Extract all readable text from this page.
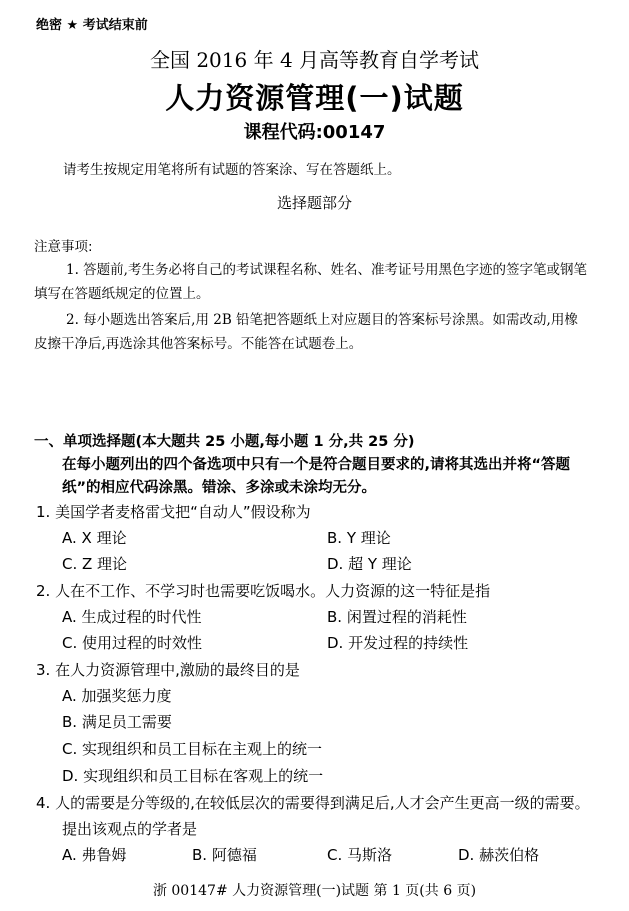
绝密 ★ 考试结束前
全国 2016 年 4 月高等教育自学考试
人力资源管理(一)试题
课程代码:00147
请考生按规定用笔将所有试题的答案涂、写在答题纸上。
选择题部分
注意事项:
1. 答题前,考生务必将自己的考试课程名称、姓名、准考证号用黑色字迹的签字笔或钢笔
填写在答题纸规定的位置上。
2. 每小题选出答案后,用 2B 铅笔把答题纸上对应题目的答案标号涂黑。如需改动,用橡
皮擦干净后,再选涂其他答案标号。不能答在试题卷上。
一、单项选择题(本大题共 25 小题,每小题 1 分,共 25 分)
在每小题列出的四个备选项中只有一个是符合题目要求的,请将其选出并将“答题
纸”的相应代码涂黑。错涂、多涂或未涂均无分。
1. 美国学者麦格雷戈把“自动人”假设称为
A. X 理论	B. Y 理论
C. Z 理论	D. 超 Y 理论
2. 人在不工作、不学习时也需要吃饭喝水。人力资源的这一特征是指
A. 生成过程的时代性	B. 闲置过程的消耗性
C. 使用过程的时效性	D. 开发过程的持续性
3. 在人力资源管理中,激励的最终目的是
A. 加强奖惩力度
B. 满足员工需要
C. 实现组织和员工目标在主观上的统一
D. 实现组织和员工目标在客观上的统一
4. 人的需要是分等级的,在较低层次的需要得到满足后,人才会产生更高一级的需要。
提出该观点的学者是
A. 弗鲁姆	B. 阿德福	C. 马斯洛	D. 赫茨伯格
浙 00147# 人力资源管理(一)试题 第 1 页(共 6 页)
